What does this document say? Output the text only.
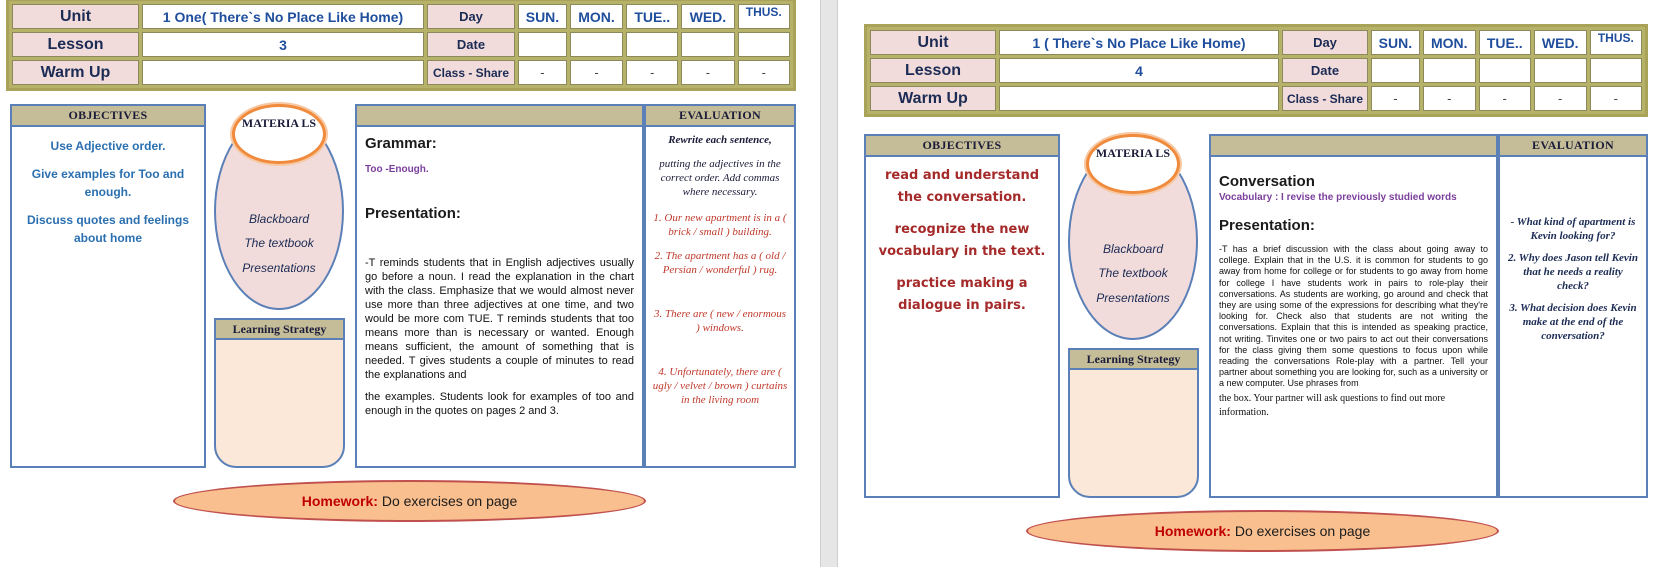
Unit	1 One( There`s No Place Like Home)	Day	SUN.	MON.	TUE..	WED.	THUS.
Lesson	3	Date					
Warm Up		Class - Share	-	-	-	-	-
OBJECTIVES
Use Adjective order.
Give examples for Too and enough.
Discuss quotes and feelings about home
Blackboard
The textbook
Presentations
MATERIA LS
Learning Strategy
Grammar:
Too -Enough.
Presentation:

-T reminds students that in English adjectives usually go before a noun. I read the explanation in the chart with the class. Emphasize that we would almost never use more than three adjectives at one time, and two would be more com TUE. T reminds students that too means more than is necessary or wanted. Enough means sufficient, the amount of something that is needed. T gives students a couple of minutes to read the explanations and

the examples. Students look for examples of too and enough in the quotes on pages 2 and 3.

EVALUATION
Rewrite each sentence,
putting the adjectives in the correct order. Add commas where necessary.
1. Our new apartment is in a ( brick / small ) building.
2. The apartment has a ( old / Persian / wonderful ) rug.
3. There are ( new / enormous ) windows.
4. Unfortunately, there are ( ugly / velvet / brown ) curtains in the living room
Homework: Do exercises on page
Unit	1 ( There`s No Place Like Home)	Day	SUN.	MON.	TUE..	WED.	THUS.
Lesson	4	Date					
Warm Up		Class - Share	-	-	-	-	-
OBJECTIVES
read and understand the conversation.
recognize the new vocabulary in the text.
practice making a dialogue in pairs.
Blackboard
The textbook
Presentations
MATERIA LS
Learning Strategy
Conversation
Vocabulary : I revise the previously studied words
Presentation:

-T has a brief discussion with the class about going away to college. Explain that in the U.S. it is common for students to go away from home for college or for students to go away from home for college I have students work in pairs to role-play their conversations. As students are working, go around and check that they are using some of the expressions for describing what they're looking for. Check also that students are not writing the conversations. Explain that this is intended as speaking practice, not writing. Tinvites one or two pairs to act out their conversations for the class giving them some questions to focus upon while reading the conversations Role-play with a partner. Tell your partner about something you are looking for, such as a university or a new computer. Use phrases from

the box. Your partner will ask questions to find out more information.

EVALUATION
- What kind of apartment is Kevin looking for?
2. Why does Jason tell Kevin that he needs a reality check?
3. What decision does Kevin make at the end of the conversation?
Homework: Do exercises on page
